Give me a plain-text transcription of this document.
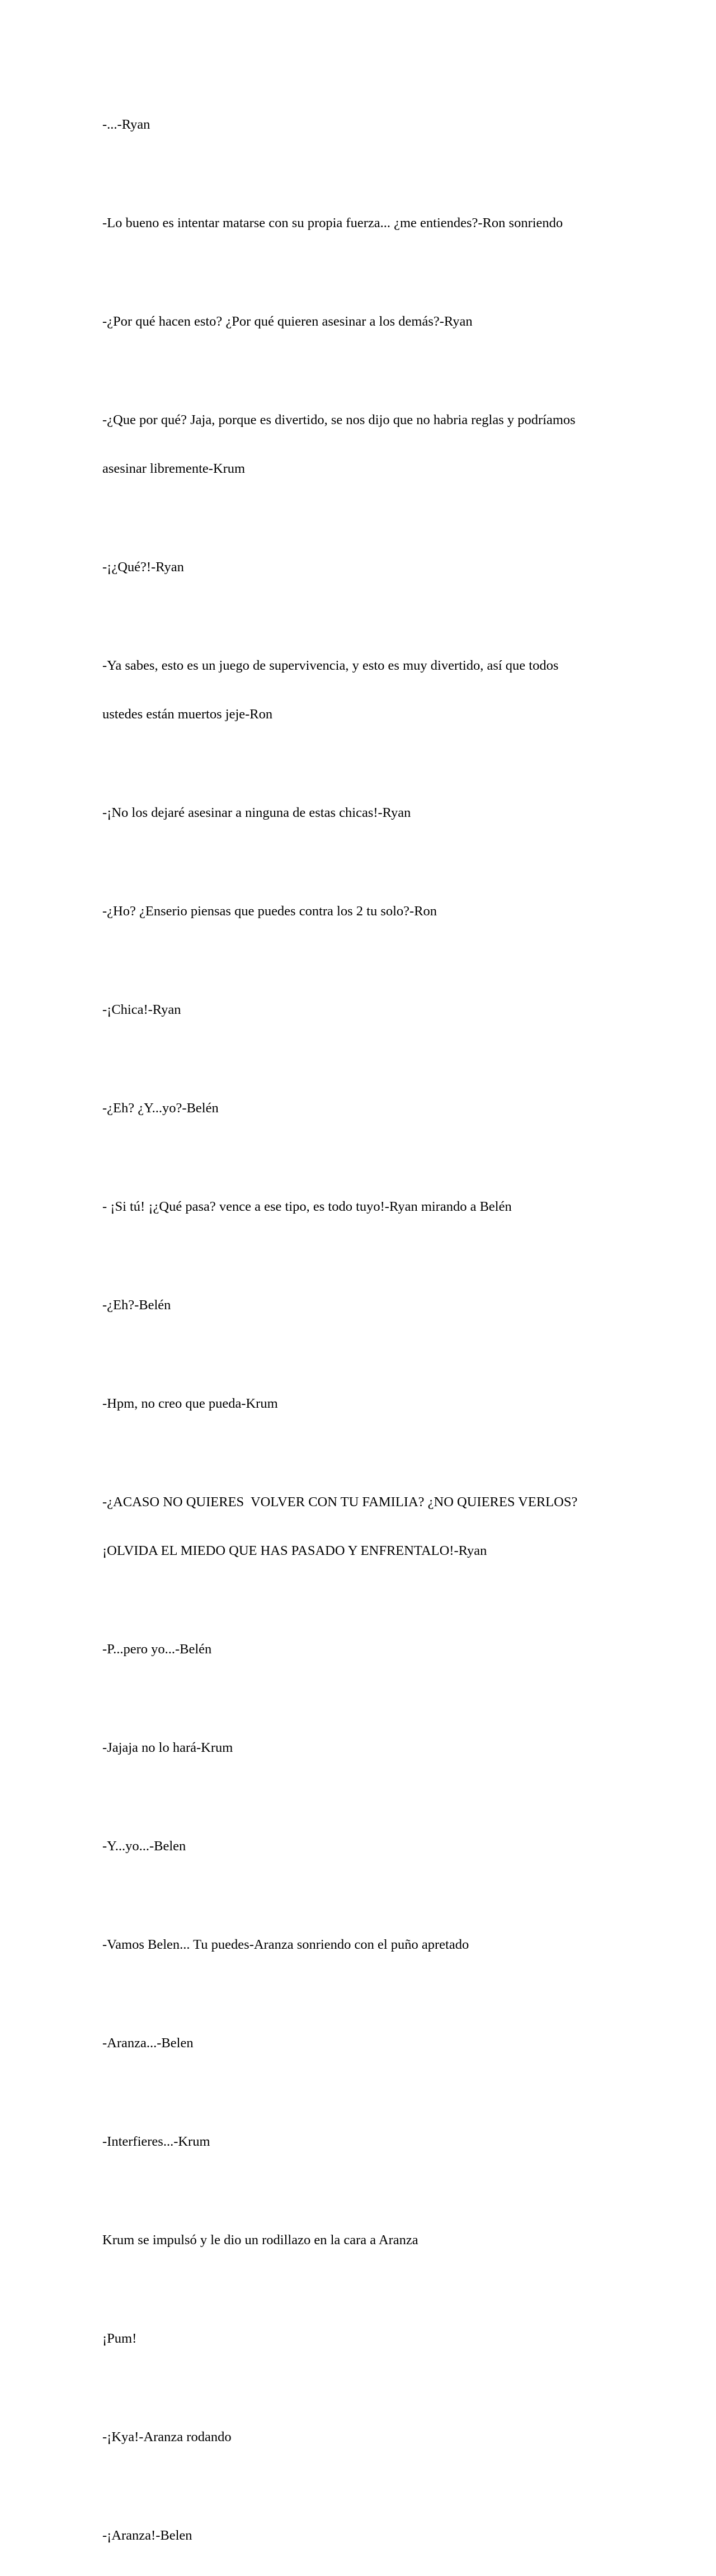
-...-Ryan

-Lo bueno es intentar matarse con su propia fuerza... ¿me entiendes?-Ron sonriendo

-¿Por qué hacen esto? ¿Por qué quieren asesinar a los demás?-Ryan

-¿Que por qué? Jaja, porque es divertido, se nos dijo que no habria reglas y podríamos

asesinar libremente-Krum

-¡¿Qué?!-Ryan

-Ya sabes, esto es un juego de supervivencia, y esto es muy divertido, así que todos

ustedes están muertos jeje-Ron

-¡No los dejaré asesinar a ninguna de estas chicas!-Ryan

-¿Ho? ¿Enserio piensas que puedes contra los 2 tu solo?-Ron

-¡Chica!-Ryan

-¿Eh? ¿Y...yo?-Belén

- ¡Si tú! ¡¿Qué pasa? vence a ese tipo, es todo tuyo!-Ryan mirando a Belén

-¿Eh?-Belén

-Hpm, no creo que pueda-Krum

-¿ACASO NO QUIERES  VOLVER CON TU FAMILIA? ¿NO QUIERES VERLOS?

¡OLVIDA EL MIEDO QUE HAS PASADO Y ENFRENTALO!-Ryan

-P...pero yo...-Belén

-Jajaja no lo hará-Krum

-Y...yo...-Belen

-Vamos Belen... Tu puedes-Aranza sonriendo con el puño apretado

-Aranza...-Belen

-Interfieres...-Krum

Krum se impulsó y le dio un rodillazo en la cara a Aranza

¡Pum!

-¡Kya!-Aranza rodando

-¡Aranza!-Belen
